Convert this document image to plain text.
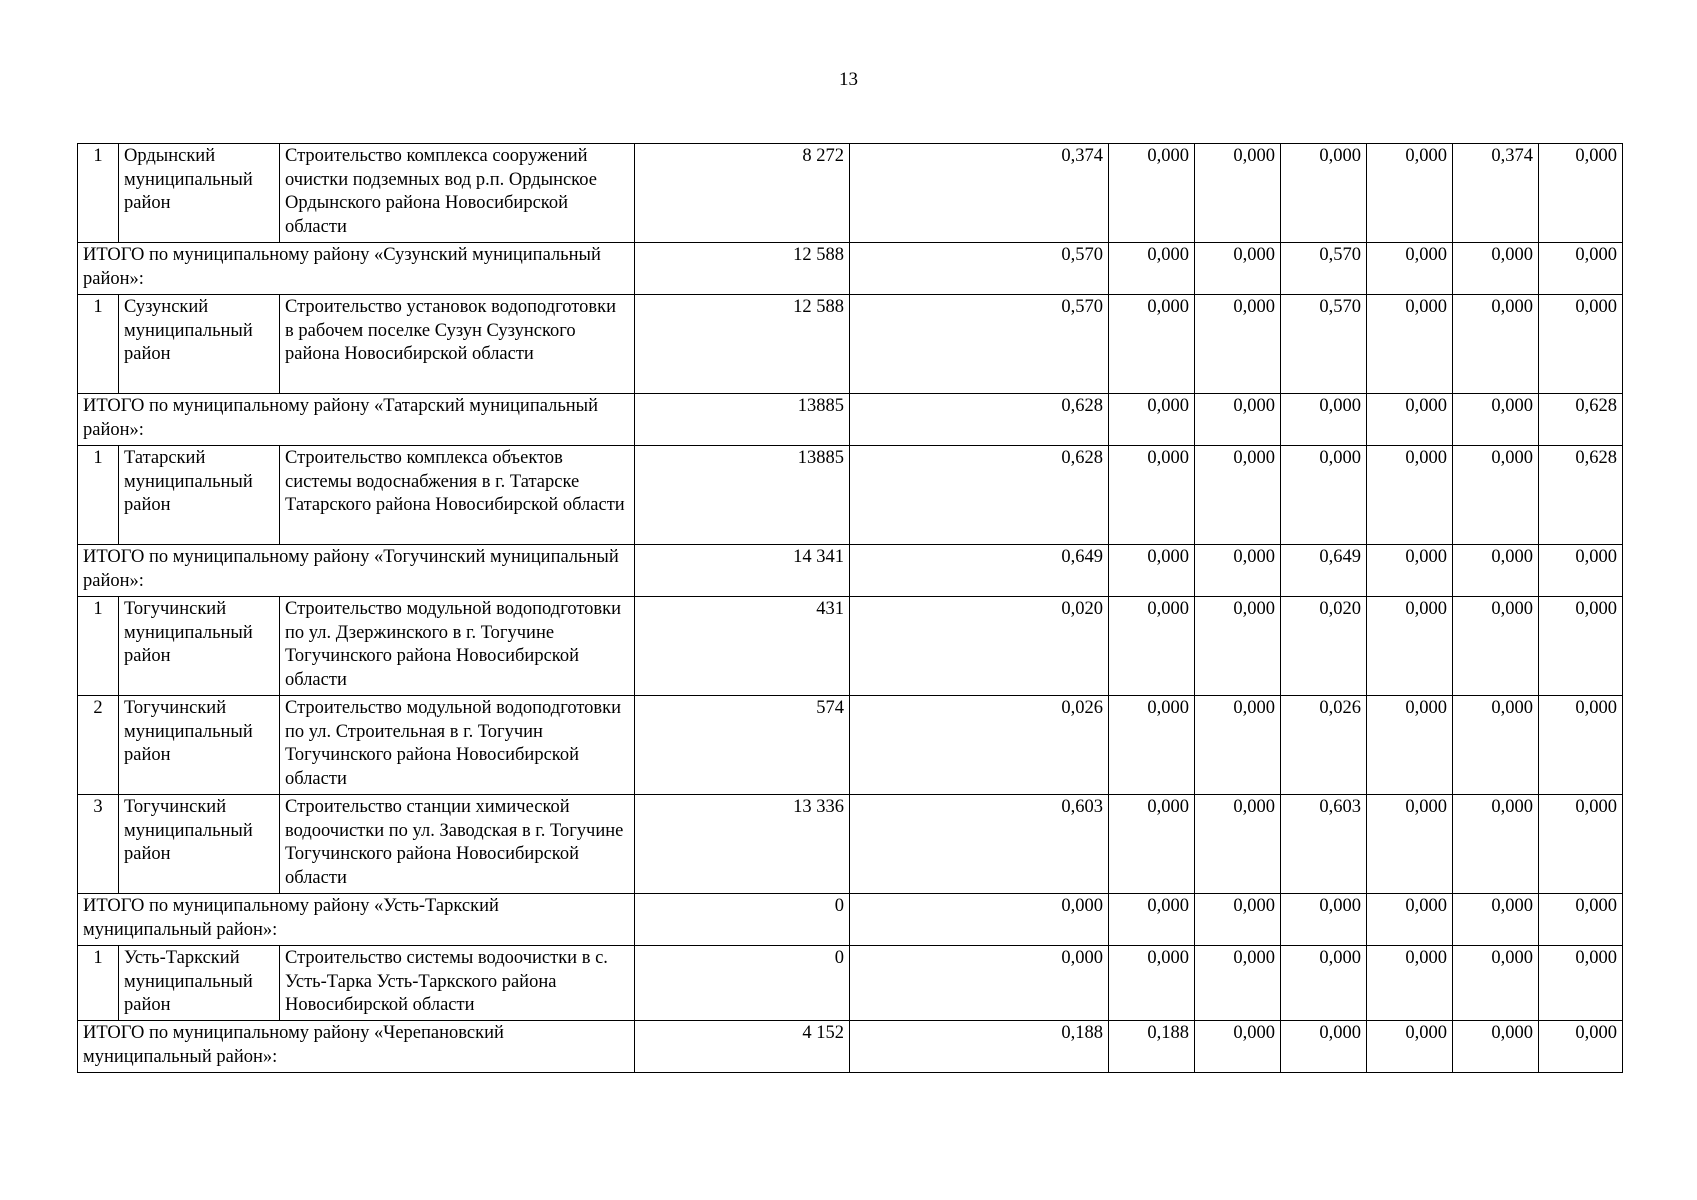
13
1	Ордынский муниципальный район	Строительство комплекса сооружений очистки подземных вод р.п. Ордынское Ордынского района Новосибирской области	8 272	0,374	0,000	0,000	0,000	0,000	0,374	0,000
ИТОГО по муниципальному району «Сузунский муниципальный район»:			12 588	0,570	0,000	0,000	0,570	0,000	0,000	0,000
1	Сузунский муниципальный район	Строительство установок водоподготовки в рабочем поселке Сузун Сузунского района Новосибирской области	12 588	0,570	0,000	0,000	0,570	0,000	0,000	0,000
ИТОГО по муниципальному району «Татарский муниципальный район»:			13885	0,628	0,000	0,000	0,000	0,000	0,000	0,628
1	Татарский муниципальный район	Строительство комплекса объектов системы водоснабжения в г. Татарске Татарского района Новосибирской области	13885	0,628	0,000	0,000	0,000	0,000	0,000	0,628
ИТОГО по муниципальному району «Тогучинский муниципальный район»:			14 341	0,649	0,000	0,000	0,649	0,000	0,000	0,000
1	Тогучинский муниципальный район	Строительство модульной водоподготовки по ул. Дзержинского в г. Тогучине Тогучинского района Новосибирской области	431	0,020	0,000	0,000	0,020	0,000	0,000	0,000
2	Тогучинский муниципальный район	Строительство модульной водоподготовки по ул. Строительная в г. Тогучин Тогучинского района Новосибирской области	574	0,026	0,000	0,000	0,026	0,000	0,000	0,000
3	Тогучинский муниципальный район	Строительство станции химической водоочистки по ул. Заводская в г. Тогучине Тогучинского района Новосибирской области	13 336	0,603	0,000	0,000	0,603	0,000	0,000	0,000
ИТОГО по муниципальному району «Усть-Таркский муниципальный район»:			0	0,000	0,000	0,000	0,000	0,000	0,000	0,000
1	Усть-Таркский муниципальный район	Строительство системы водоочистки в с. Усть-Тарка Усть-Таркского района Новосибирской области	0	0,000	0,000	0,000	0,000	0,000	0,000	0,000
ИТОГО по муниципальному району «Черепановский муниципальный район»:			4 152	0,188	0,188	0,000	0,000	0,000	0,000	0,000
